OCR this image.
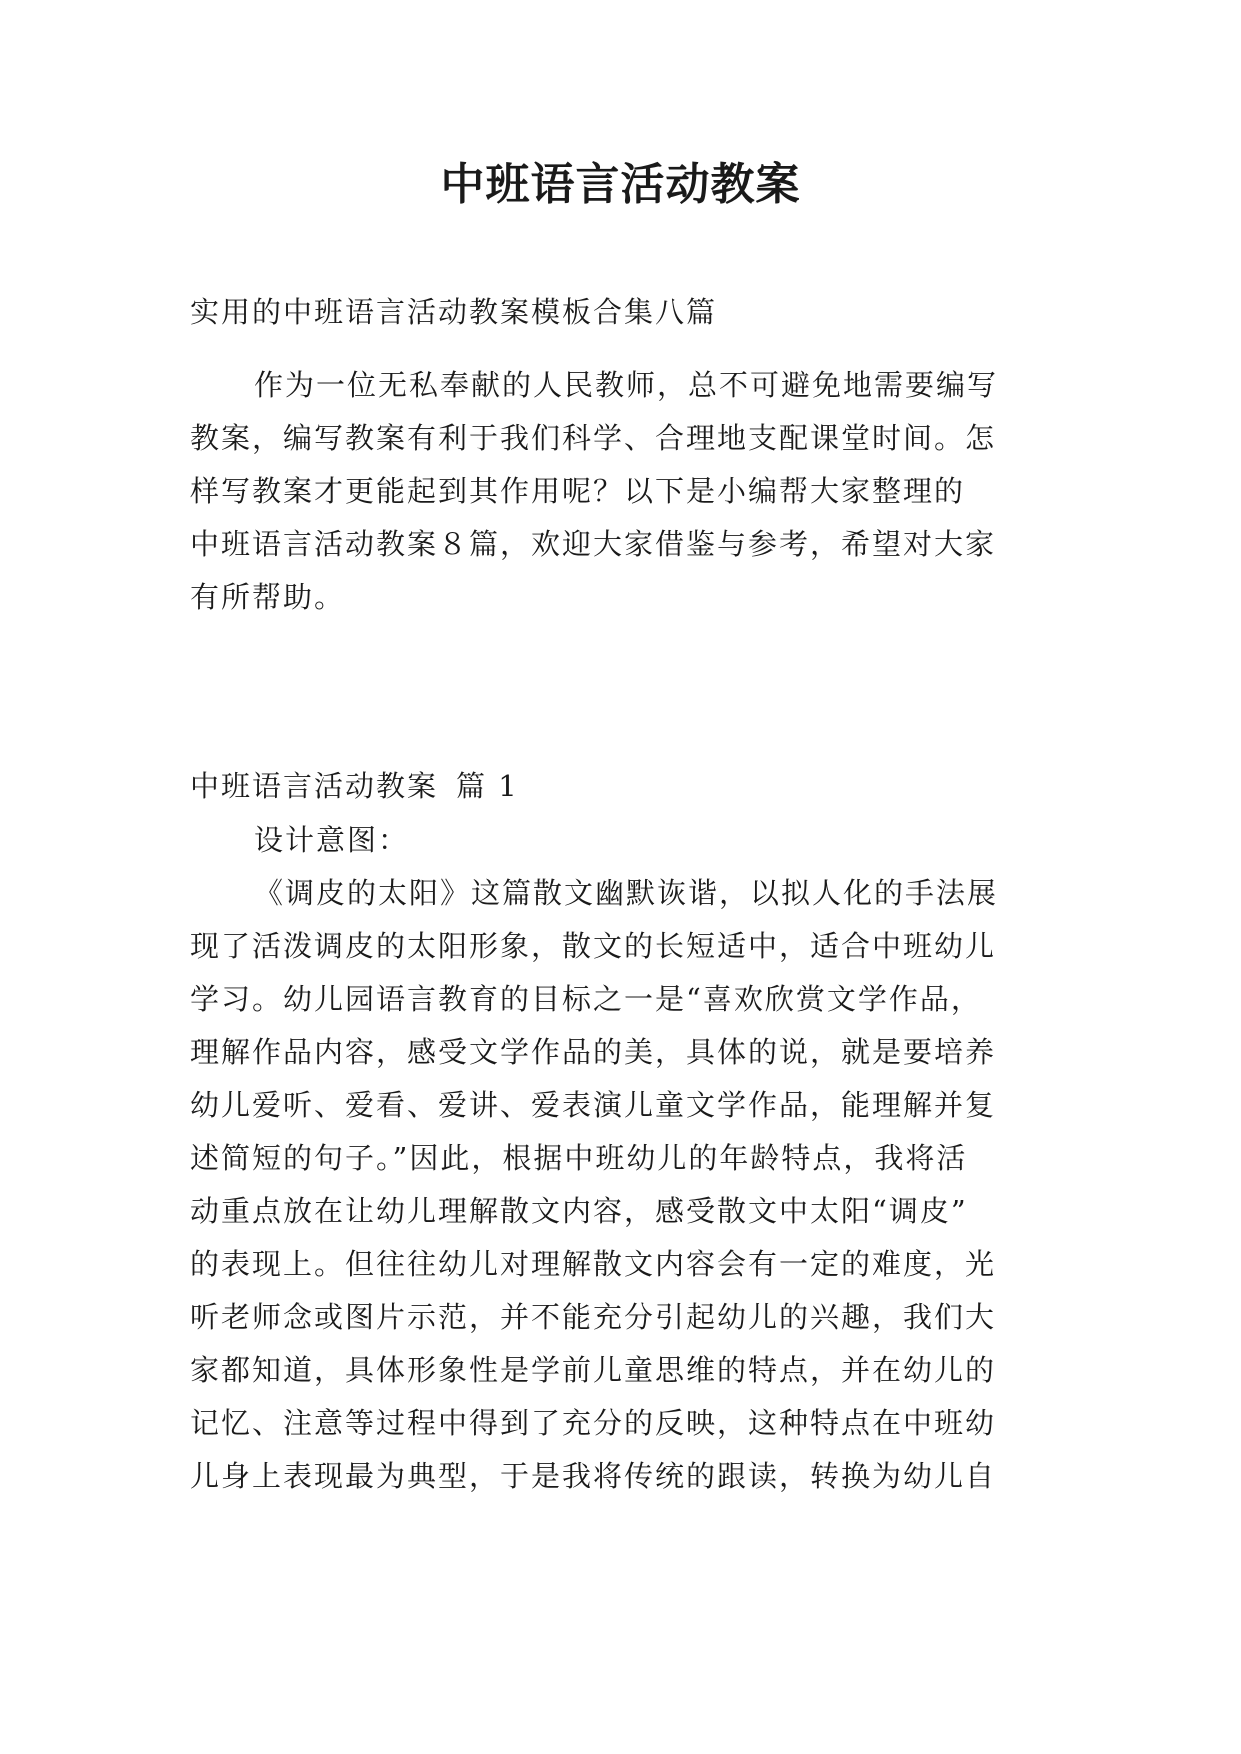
中班语言活动教案

实用的中班语言活动教案模板合集八篇

作为一位无私奉献的人民教师，总不可避免地需要编写

教案，编写教案有利于我们科学、合理地支配课堂时间。怎

样写教案才更能起到其作用呢？以下是小编帮大家整理的

中班语言活动教案８篇，欢迎大家借鉴与参考，希望对大家

有所帮助。

中班语言活动教案 篇 1

设计意图：

《调皮的太阳》这篇散文幽默诙谐，以拟人化的手法展

现了活泼调皮的太阳形象，散文的长短适中，适合中班幼儿

学习。幼儿园语言教育的目标之一是“喜欢欣赏文学作品，

理解作品内容，感受文学作品的美，具体的说，就是要培养

幼儿爱听、爱看、爱讲、爱表演儿童文学作品，能理解并复

述简短的句子。”因此，根据中班幼儿的年龄特点，我将活

动重点放在让幼儿理解散文内容，感受散文中太阳“调皮”

的表现上。但往往幼儿对理解散文内容会有一定的难度，光

听老师念或图片示范，并不能充分引起幼儿的兴趣，我们大

家都知道，具体形象性是学前儿童思维的特点，并在幼儿的

记忆、注意等过程中得到了充分的反映，这种特点在中班幼

儿身上表现最为典型，于是我将传统的跟读，转换为幼儿自
